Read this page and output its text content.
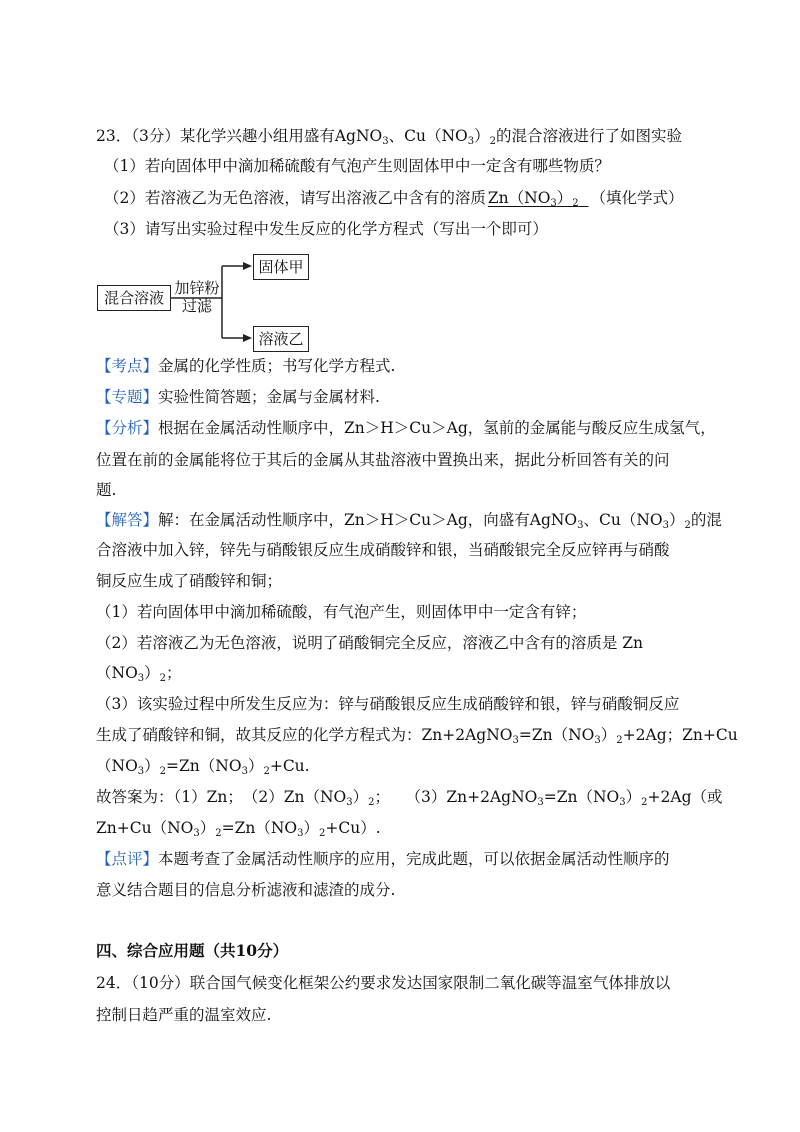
23．（3分）某化学兴趣小组用盛有AgNO$_3$、$Cu(NO_3)_2$的混合溶液进行了如图实验
（1）若向固体甲中滴加稀硫酸有气泡产生则固体甲中一定含有哪些物质？
（2）若溶液乙为无色溶液，请写出溶液乙中含有的溶质 $Zn(NO_3)_2$ （填化学式）
（3）请写出实验过程中发生反应的化学方程式（写出一个即可）
混合溶液
加锌粉
过滤
固体甲
溶液乙
【考点】金属的化学性质；书写化学方程式.
【专题】实验性简答题；金属与金属材料.
【分析】根据在金属活动性顺序中，Zn＞H＞Cu＞Ag，氢前的金属能与酸反应生成氢气，
位置在前的金属能将位于其后的金属从其盐溶液中置换出来，据此分析回答有关的问
题.
【解答】解：在金属活动性顺序中，Zn＞H＞Cu＞Ag，向盛有AgNO$_3$、$Cu(NO_3)_2$的混
合溶液中加入锌，锌先与硝酸银反应生成硝酸锌和银，当硝酸银完全反应锌再与硝酸
铜反应生成了硝酸锌和铜；
（1）若向固体甲中滴加稀硫酸，有气泡产生，则固体甲中一定含有锌；
（2）若溶液乙为无色溶液，说明了硝酸铜完全反应，溶液乙中含有的溶质是 Zn
$(NO_3)_2$；
（3）该实验过程中所发生反应为：锌与硝酸银反应生成硝酸锌和银，锌与硝酸铜反应
生成了硝酸锌和铜，故其反应的化学方程式为：$Zn+2AgNO_3=Zn(NO_3)_2+2Ag$；Zn+Cu
$(NO_3)_2=Zn(NO_3)_2+Cu$.
故答案为：（1）Zn；　$(2)Zn(NO_3)_2$；　　$(3)Zn+2AgNO_3=Zn(NO_3)_2+2Ag$（或
$Zn+Cu(NO_3)_2=Zn(NO_3)_2+Cu$）.
【点评】本题考查了金属活动性顺序的应用，完成此题，可以依据金属活动性顺序的
意义结合题目的信息分析滤液和滤渣的成分.
四、综合应用题（共10分）
24．（10分）联合国气候变化框架公约要求发达国家限制二氧化碳等温室气体排放以
控制日趋严重的温室效应.
